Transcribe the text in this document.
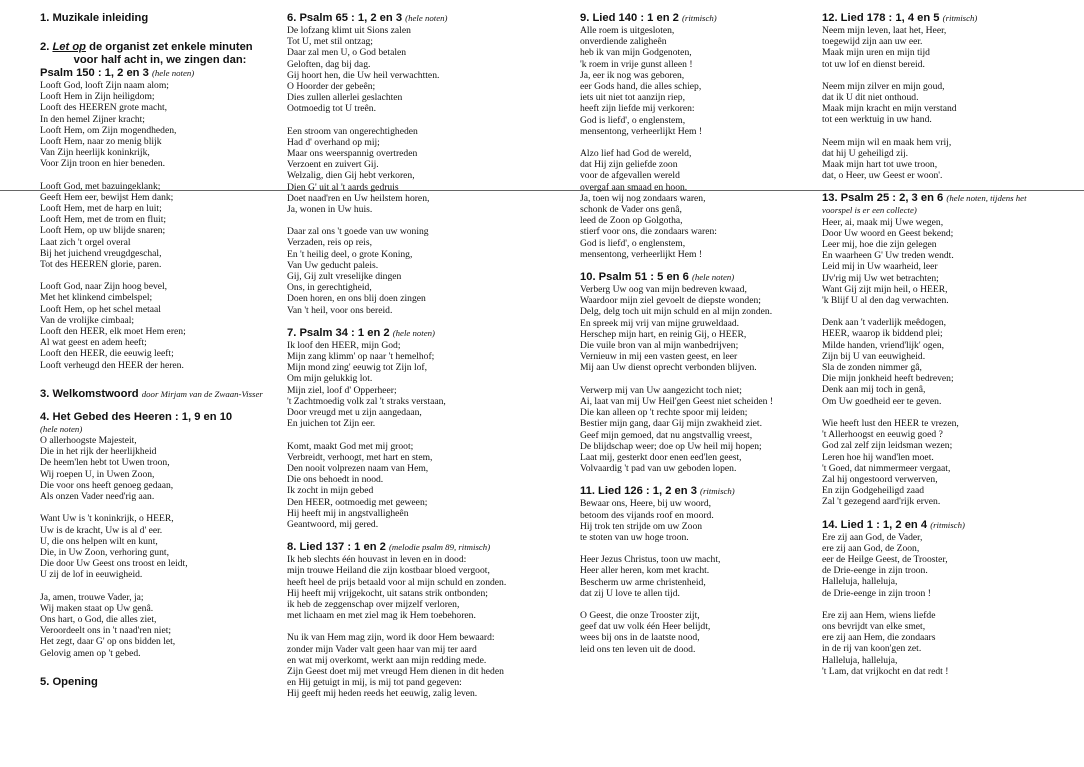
1. Muzikale inleiding
2. Let op de organist zet enkele minuten
voor half acht in, we zingen dan:
Psalm 150 : 1, 2 en 3 (hele noten)
Looft God, looft Zijn naam alom;
Looft Hem in Zijn heiligdom;
Looft des HEEREN grote macht,
In den hemel Zijner kracht;
Looft Hem, om Zijn mogendheden,
Looft Hem, naar zo menig blijk
Van Zijn heerlijk koninkrijk,
Voor Zijn troon en hier beneden.
Looft God, met bazuingeklank;
Geeft Hem eer, bewijst Hem dank;
Looft Hem, met de harp en luit;
Looft Hem, met de trom en fluit;
Looft Hem, op uw blijde snaren;
Laat zich 't orgel overal
Bij het juichend vreugdgeschal,
Tot des HEEREN glorie, paren.
Looft God, naar Zijn hoog bevel,
Met het klinkend cimbelspel;
Looft Hem, op het schel metaal
Van de vrolijke cimbaal;
Looft den HEER, elk moet Hem eren;
Al wat geest en adem heeft;
Looft den HEER, die eeuwig leeft;
Looft verheugd den HEER der heren.
3. Welkomstwoord door Mirjam van de Zwaan-Visser
4. Het Gebed des Heeren : 1, 9 en 10
(hele noten)
O allerhoogste Majesteit,
Die in het rijk der heerlijkheid
De heem'len hebt tot Uwen troon,
Wij roepen U, in Uwen Zoon,
Die voor ons heeft genoeg gedaan,
Als onzen Vader need'rig aan.
Want Uw is 't koninkrijk, o HEER,
Uw is de kracht, Uw is al d' eer.
U, die ons helpen wilt en kunt,
Die, in Uw Zoon, verhoring gunt,
Die door Uw Geest ons troost en leidt,
U zij de lof in eeuwigheid.
Ja, amen, trouwe Vader, ja;
Wij maken staat op Uw genâ.
Ons hart, o God, die alles ziet,
Veroordeelt ons in 't naad'ren niet;
Het zegt, daar G' op ons bidden let,
Gelovig amen op 't gebed.
5. Opening
6. Psalm 65 : 1, 2 en 3 (hele noten)
De lofzang klimt uit Sions zalen
Tot U, met stil ontzag;
Daar zal men U, o God betalen
Geloften, dag bij dag.
Gij hoort hen, die Uw heil verwachtten.
O Hoorder der gebeên;
Dies zullen allerlei geslachten
Ootmoedig tot U treên.
Een stroom van ongerechtigheden
Had d' overhand op mij;
Maar ons weerspannig overtreden
Verzoent en zuivert Gij.
Welzalig, dien Gij hebt verkoren,
Dien G' uit al 't aards gedruis
Doet naad'ren en Uw heilstem horen,
Ja, wonen in Uw huis.
Daar zal ons 't goede van uw woning
Verzaden, reis op reis,
En 't heilig deel, o grote Koning,
Van Uw geducht paleis.
Gij, Gij zult vreselijke dingen
Ons, in gerechtigheid,
Doen horen, en ons blij doen zingen
Van 't heil, voor ons bereid.
7. Psalm 34 : 1 en 2 (hele noten)
Ik loof den HEER, mijn God;
Mijn zang klimm' op naar 't hemelhof;
Mijn mond zing' eeuwig tot Zijn lof,
Om mijn gelukkig lot.
Mijn ziel, loof d' Opperheer;
't Zachtmoedig volk zal 't straks verstaan,
Door vreugd met u zijn aangedaan,
En juichen tot Zijn eer.
Komt, maakt God met mij groot;
Verbreidt, verhoogt, met hart en stem,
Den nooit volprezen naam van Hem,
Die ons behoedt in nood.
Ik zocht in mijn gebed
Den HEER, ootmoedig met geween;
Hij heeft mij in angstvalligheên
Geantwoord, mij gered.
8. Lied 137 : 1 en 2 (melodie psalm 89, ritmisch)
Ik heb slechts één houvast in leven en in dood:
mijn trouwe Heiland die zijn kostbaar bloed vergoot,
heeft heel de prijs betaald voor al mijn schuld en zonden.
Hij heeft mij vrijgekocht, uit satans strik ontbonden;
ik heb de zeggenschap over mijzelf verloren,
met lichaam en met ziel mag ik Hem toebehoren.
Nu ik van Hem mag zijn, word ik door Hem bewaard:
zonder mijn Vader valt geen haar van mij ter aard
en wat mij overkomt, werkt aan mijn redding mede.
Zijn Geest doet mij met vreugd Hem dienen in dit heden
en Hij getuigt in mij, is mij tot pand gegeven:
Hij geeft mij heden reeds het eeuwig, zalig leven.
9. Lied 140 : 1 en 2 (ritmisch)
Alle roem is uitgesloten,
onverdiende zaligheên
heb ik van mijn Godgenoten,
'k roem in vrije gunst alleen !
Ja, eer ik nog was geboren,
eer Gods hand, die alles schiep,
iets uit niet tot aanzijn riep,
heeft zijn liefde mij verkoren:
God is liefd', o englenstem,
mensentong, verheerlijkt Hem !
Alzo lief had God de wereld,
dat Hij zijn geliefde zoon
voor de afgevallen wereld
overgaf aan smaad en hoon.
Ja, toen wij nog zondaars waren,
schonk de Vader ons genâ,
leed de Zoon op Golgotha,
stierf voor ons, die zondaars waren:
God is liefd', o englenstem,
mensentong, verheerlijkt Hem !
10. Psalm 51 : 5 en 6 (hele noten)
Verberg Uw oog van mijn bedreven kwaad,
Waardoor mijn ziel gevoelt de diepste wonden;
Delg, delg toch uit mijn schuld en al mijn zonden.
En spreek mij vrij van mijne gruweldaad.
Herschep mijn hart, en reinig Gij, o HEER,
Die vuile bron van al mijn wanbedrijven;
Vernieuw in mij een vasten geest, en leer
Mij aan Uw dienst oprecht verbonden blijven.
Verwerp mij van Uw aangezicht toch niet;
Ai, laat van mij Uw Heil'gen Geest niet scheiden !
Die kan alleen op 't rechte spoor mij leiden;
Bestier mijn gang, daar Gij mijn zwakheid ziet.
Geef mijn gemoed, dat nu angstvallig vreest,
De blijdschap weer; doe op Uw heil mij hopen;
Laat mij, gesterkt door enen eed'len geest,
Volvaardig 't pad van uw geboden lopen.
11. Lied 126 : 1, 2 en 3 (ritmisch)
Bewaar ons, Heere, bij uw woord,
betoom des vijands roof en moord.
Hij trok ten strijde om uw Zoon
te stoten van uw hoge troon.
Heer Jezus Christus, toon uw macht,
Heer aller heren, kom met kracht.
Bescherm uw arme christenheid,
dat zij U love te allen tijd.
O Geest, die onze Trooster zijt,
geef dat uw volk één Heer belijdt,
wees bij ons in de laatste nood,
leid ons ten leven uit de dood.
12. Lied 178 : 1, 4 en 5 (ritmisch)
Neem mijn leven, laat het, Heer,
toegewijd zijn aan uw eer.
Maak mijn uren en mijn tijd
tot uw lof en dienst bereid.
Neem mijn zilver en mijn goud,
dat ik U dit niet onthoud.
Maak mijn kracht en mijn verstand
tot een werktuig in uw hand.
Neem mijn wil en maak hem vrij,
dat hij U geheiligd zij.
Maak mijn hart tot uwe troon,
dat, o Heer, uw Geest er woon'.
13. Psalm 25 : 2, 3 en 6 (hele noten, tijdens het
voorspel is er een collecte)
Heer, ai, maak mij Uwe wegen,
Door Uw woord en Geest bekend;
Leer mij, hoe die zijn gelegen
En waarheen G' Uw treden wendt.
Leid mij in Uw waarheid, leer
IJv'rig mij Uw wet betrachten;
Want Gij zijt mijn heil, o HEER,
'k Blijf U al den dag verwachten.
Denk aan 't vaderlijk meêdogen,
HEER, waarop ik biddend plei;
Milde handen, vriend'lijk' ogen,
Zijn bij U van eeuwigheid.
Sla de zonden nimmer gâ,
Die mijn jonkheid heeft bedreven;
Denk aan mij toch in genâ,
Om Uw goedheid eer te geven.
Wie heeft lust den HEER te vrezen,
't Allerhoogst en eeuwig goed ?
God zal zelf zijn leidsman wezen;
Leren hoe hij wand'len moet.
't Goed, dat nimmermeer vergaat,
Zal hij ongestoord verwerven,
En zijn Godgeheiligd zaad
Zal 't gezegend aard'rijk erven.
14. Lied 1 : 1, 2 en 4 (ritmisch)
Ere zij aan God, de Vader,
ere zij aan God, de Zoon,
eer de Heilge Geest, de Trooster,
de Drie-eenge in zijn troon.
Halleluja, halleluja,
de Drie-eenge in zijn troon !
Ere zij aan Hem, wiens liefde
ons bevrijdt van elke smet,
ere zij aan Hem, die zondaars
in de rij van koon'gen zet.
Halleluja, halleluja,
't Lam, dat vrijkocht en dat redt !
